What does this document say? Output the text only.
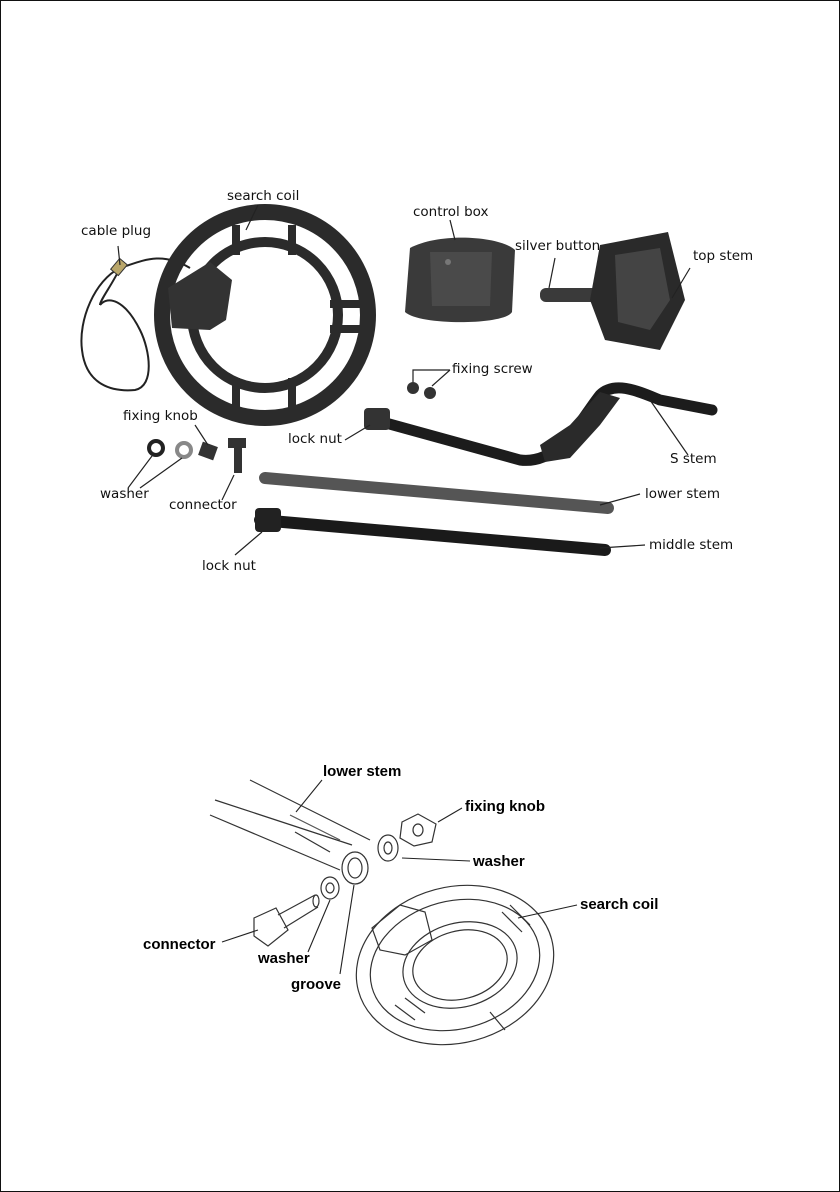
search coil
cable plug
control box
silver button
top stem
fixing screw
fixing knob
lock nut
S stem
washer
connector
lower stem
middle stem
lock nut
lower stem
fixing knob
washer
search coil
connector
washer
groove
